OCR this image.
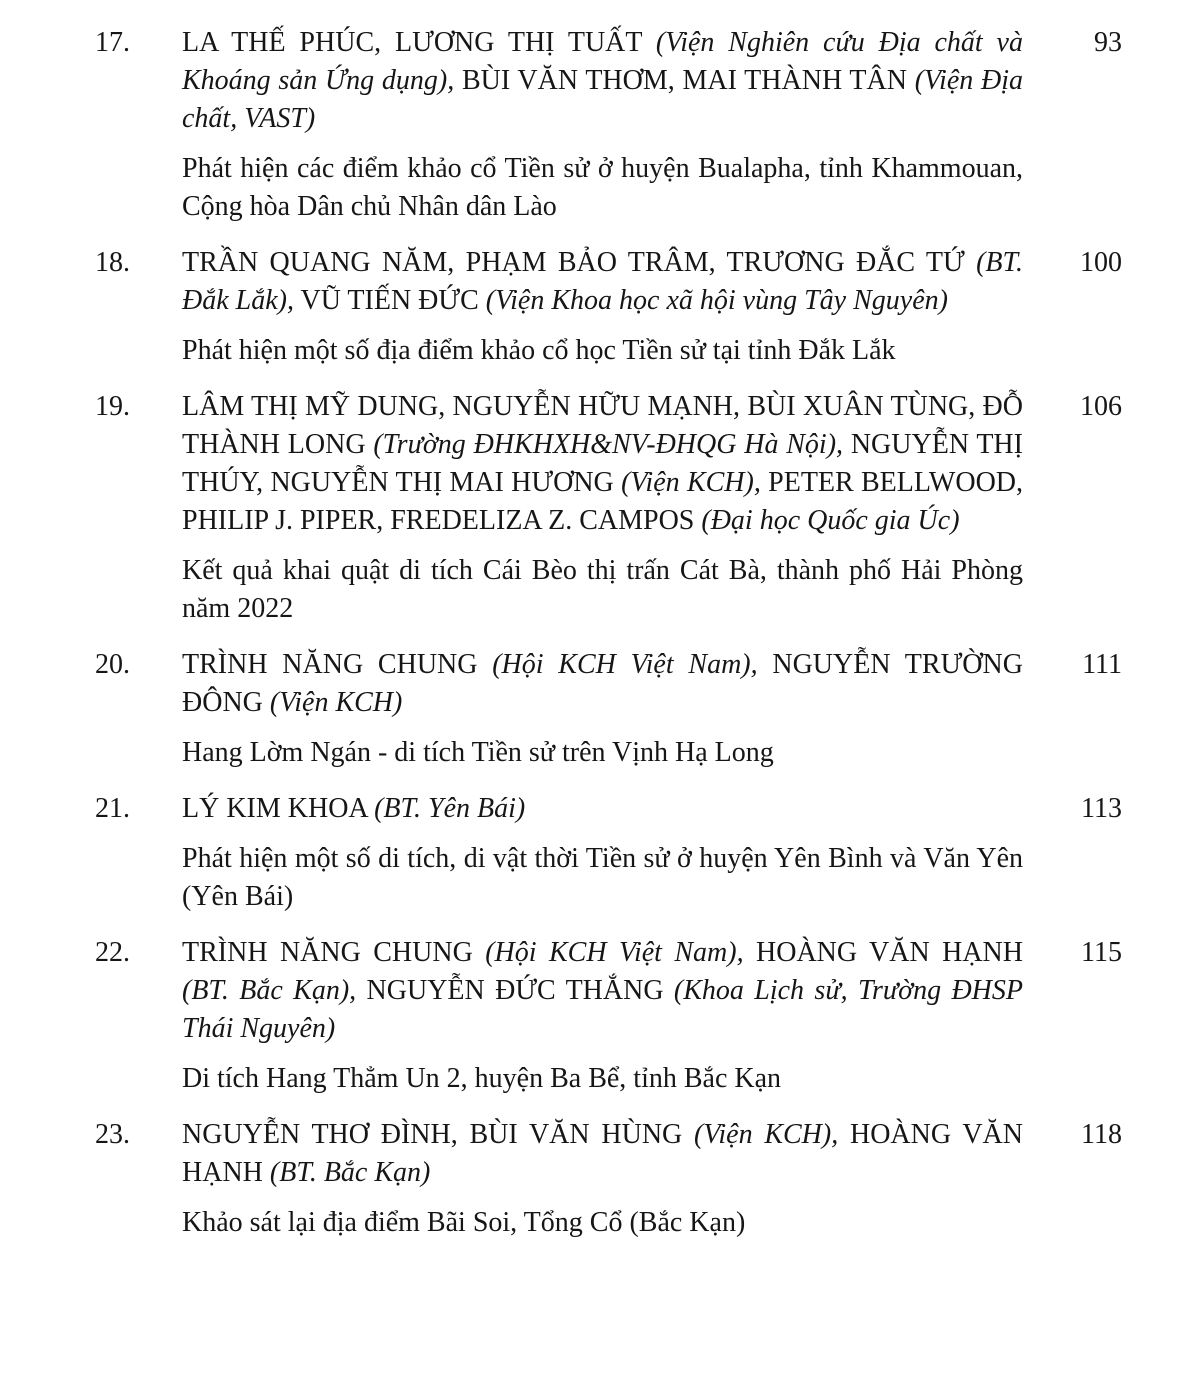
17.	93
LA THẾ PHÚC, LƯƠNG THỊ TUẤT (Viện Nghiên cứu Địa chất và Khoáng sản Ứng dụng), BÙI VĂN THƠM, MAI THÀNH TÂN (Viện Địa chất, VAST)
Phát hiện các điểm khảo cổ Tiền sử ở huyện Bualapha, tỉnh Khammouan, Cộng hòa Dân chủ Nhân dân Lào
18.	100
TRẦN QUANG NĂM, PHẠM BẢO TRÂM, TRƯƠNG ĐẮC TỨ (BT. Đắk Lắk), VŨ TIẾN ĐỨC (Viện Khoa học xã hội vùng Tây Nguyên)
Phát hiện một số địa điểm khảo cổ học Tiền sử tại tỉnh Đắk Lắk
19.	106
LÂM THỊ MỸ DUNG, NGUYỄN HỮU MẠNH, BÙI XUÂN TÙNG, ĐỖ THÀNH LONG (Trường ĐHKHXH&NV-ĐHQG Hà Nội), NGUYỄN THỊ THÚY, NGUYỄN THỊ MAI HƯƠNG (Viện KCH), PETER BELLWOOD, PHILIP J. PIPER, FREDELIZA Z. CAMPOS (Đại học Quốc gia Úc)
Kết quả khai quật di tích Cái Bèo thị trấn Cát Bà, thành phố Hải Phòng năm 2022
20.	111
TRÌNH NĂNG CHUNG (Hội KCH Việt Nam), NGUYỄN TRƯỜNG ĐÔNG (Viện KCH)
Hang Lờm Ngán - di tích Tiền sử trên Vịnh Hạ Long
21.	113
LÝ KIM KHOA (BT. Yên Bái)
Phát hiện một số di tích, di vật thời Tiền sử ở huyện Yên Bình và Văn Yên (Yên Bái)
22.	115
TRÌNH NĂNG CHUNG (Hội KCH Việt Nam), HOÀNG VĂN HẠNH (BT. Bắc Kạn), NGUYỄN ĐỨC THẮNG (Khoa Lịch sử, Trường ĐHSP Thái Nguyên)
Di tích Hang Thẳm Un 2, huyện Ba Bể, tỉnh Bắc Kạn
23.	118
NGUYỄN THƠ ĐÌNH, BÙI VĂN HÙNG (Viện KCH), HOÀNG VĂN HẠNH (BT. Bắc Kạn)
Khảo sát lại địa điểm Bãi Soi, Tổng Cổ (Bắc Kạn)
